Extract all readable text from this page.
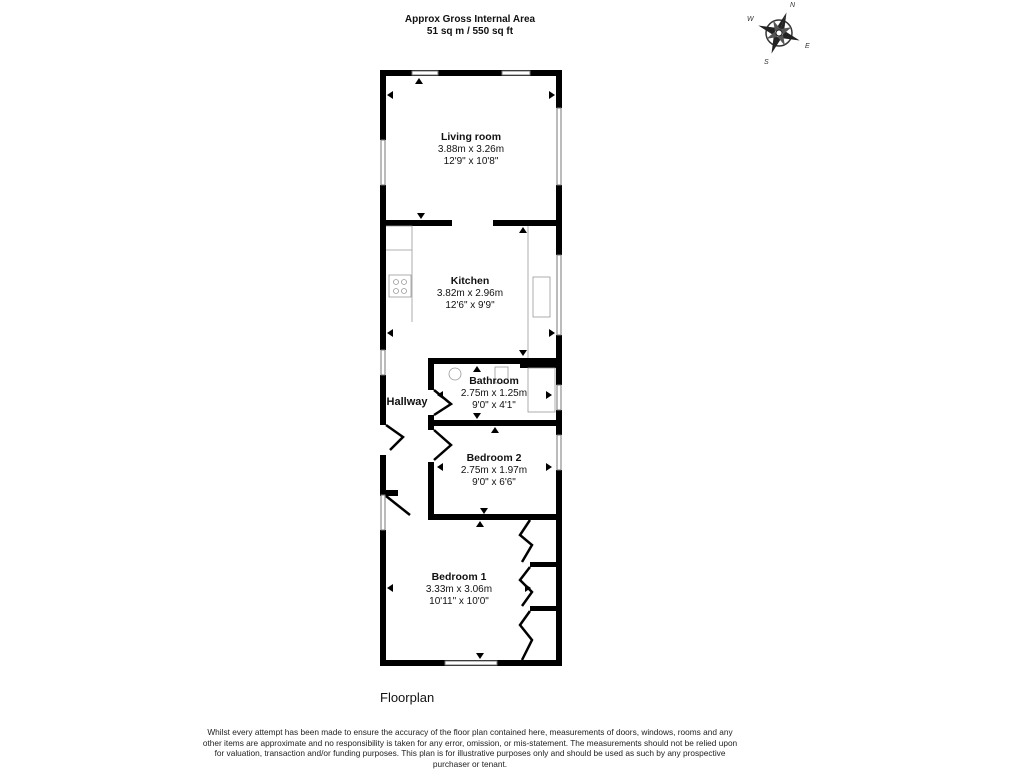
Approx Gross Internal Area
51 sq m / 550 sq ft
N
E
S
W
Living room
3.88m x 3.26m
12'9" x 10'8"
Kitchen
3.82m x 2.96m
12'6" x 9'9"
Bathroom
2.75m x 1.25m
9'0" x 4'1"
Bedroom 2
2.75m x 1.97m
9'0" x 6'6"
Bedroom 1
3.33m x 3.06m
10'11" x 10'0"
Hallway
Floorplan
Whilst every attempt has been made to ensure the accuracy of the floor plan contained here, measurements of doors, windows, rooms and any other items are approximate and no responsibility is taken for any error, omission, or mis-statement. The measurements should not be relied upon for valuation, transaction and/or funding purposes. This plan is for illustrative purposes only and should be used as such by any prospective purchaser or tenant.
